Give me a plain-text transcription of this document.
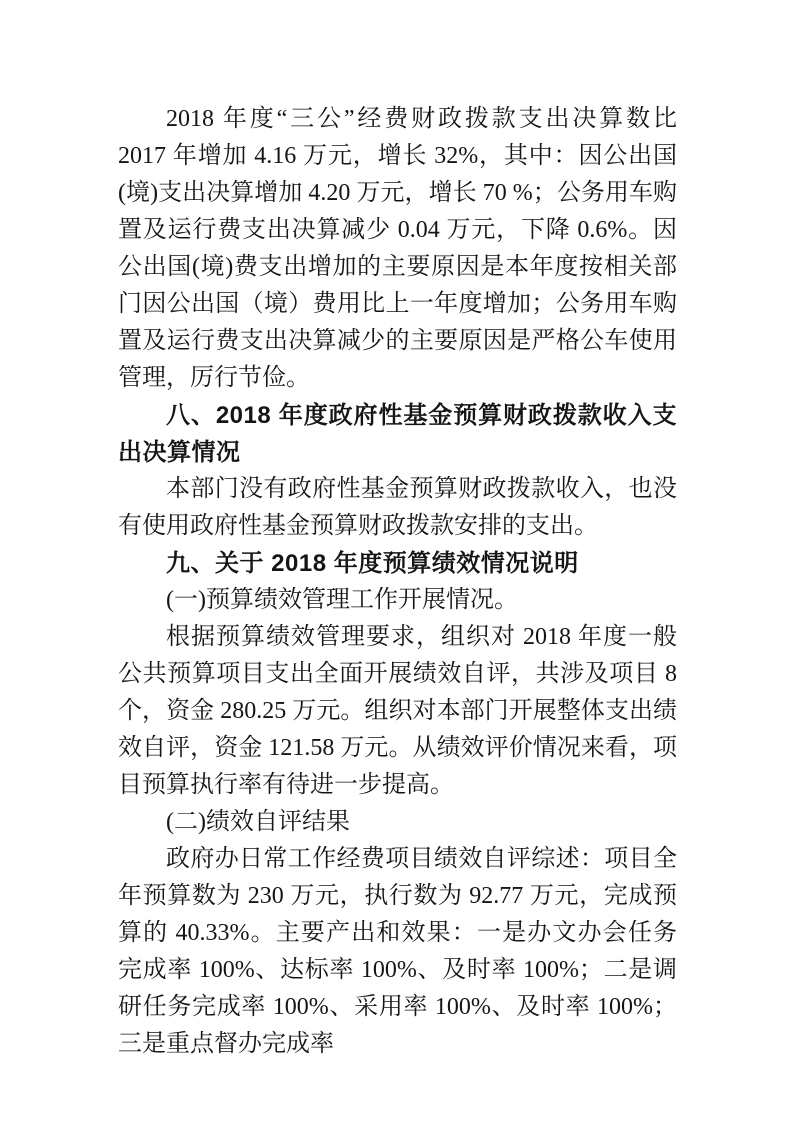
2018 年度“三公”经费财政拨款支出决算数比 2017 年增加 4.16 万元，增长 32%，其中：因公出国(境)支出决算增加 4.20 万元，增长 70 %；公务用车购置及运行费支出决算减少 0.04 万元，下降 0.6%。因公出国(境)费支出增加的主要原因是本年度按相关部门因公出国（境）费用比上一年度增加；公务用车购置及运行费支出决算减少的主要原因是严格公车使用管理，厉行节俭。

八、2018 年度政府性基金预算财政拨款收入支出决算情况

本部门没有政府性基金预算财政拨款收入，也没有使用政府性基金预算财政拨款安排的支出。

九、关于 2018 年度预算绩效情况说明

(一)预算绩效管理工作开展情况。

根据预算绩效管理要求，组织对 2018 年度一般公共预算项目支出全面开展绩效自评，共涉及项目 8 个，资金 280.25 万元。组织对本部门开展整体支出绩效自评，资金 121.58 万元。从绩效评价情况来看，项目预算执行率有待进一步提高。

(二)绩效自评结果

政府办日常工作经费项目绩效自评综述：项目全年预算数为 230 万元，执行数为 92.77 万元，完成预算的 40.33%。主要产出和效果：一是办文办会任务完成率 100%、达标率 100%、及时率 100%；二是调研任务完成率 100%、采用率 100%、及时率 100%；三是重点督办完成率
